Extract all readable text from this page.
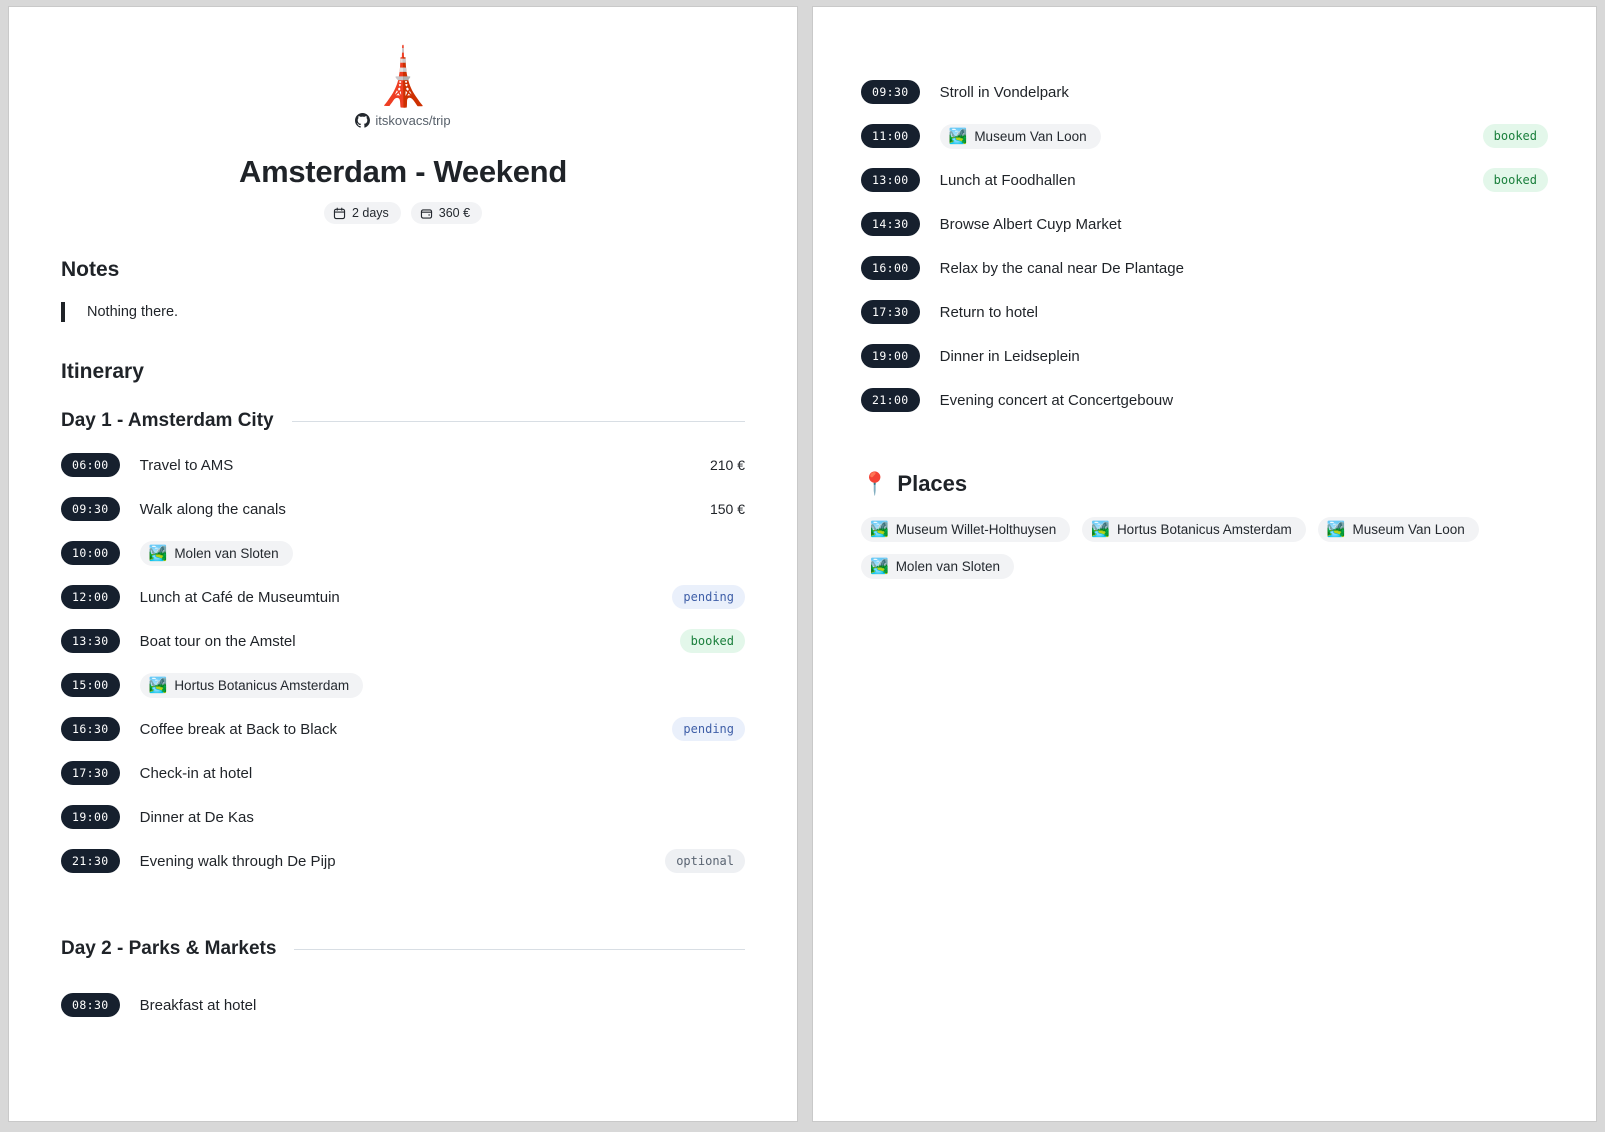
🗼
itskovacs/trip
Amsterdam - Weekend
2 days	360 €
Notes
Nothing there.
Itinerary
Day 1 - Amsterdam City
06:00	Travel to AMS	210 €
09:30	Walk along the canals	150 €
10:00	🏞️ Molen van Sloten
12:00	Lunch at Café de Museumtuin	pending
13:30	Boat tour on the Amstel	booked
15:00	🏞️ Hortus Botanicus Amsterdam
16:30	Coffee break at Back to Black	pending
17:30	Check-in at hotel
19:00	Dinner at De Kas
21:30	Evening walk through De Pijp	optional
Day 2 - Parks & Markets
08:30	Breakfast at hotel
09:30	Stroll in Vondelpark
11:00	🏞️ Museum Van Loon	booked
13:00	Lunch at Foodhallen	booked
14:30	Browse Albert Cuyp Market
16:00	Relax by the canal near De Plantage
17:30	Return to hotel
19:00	Dinner in Leidseplein
21:00	Evening concert at Concertgebouw
📍 Places
🏞️ Museum Willet-Holthuysen 🏞️ Hortus Botanicus Amsterdam 🏞️ Museum Van Loon
🏞️ Molen van Sloten
